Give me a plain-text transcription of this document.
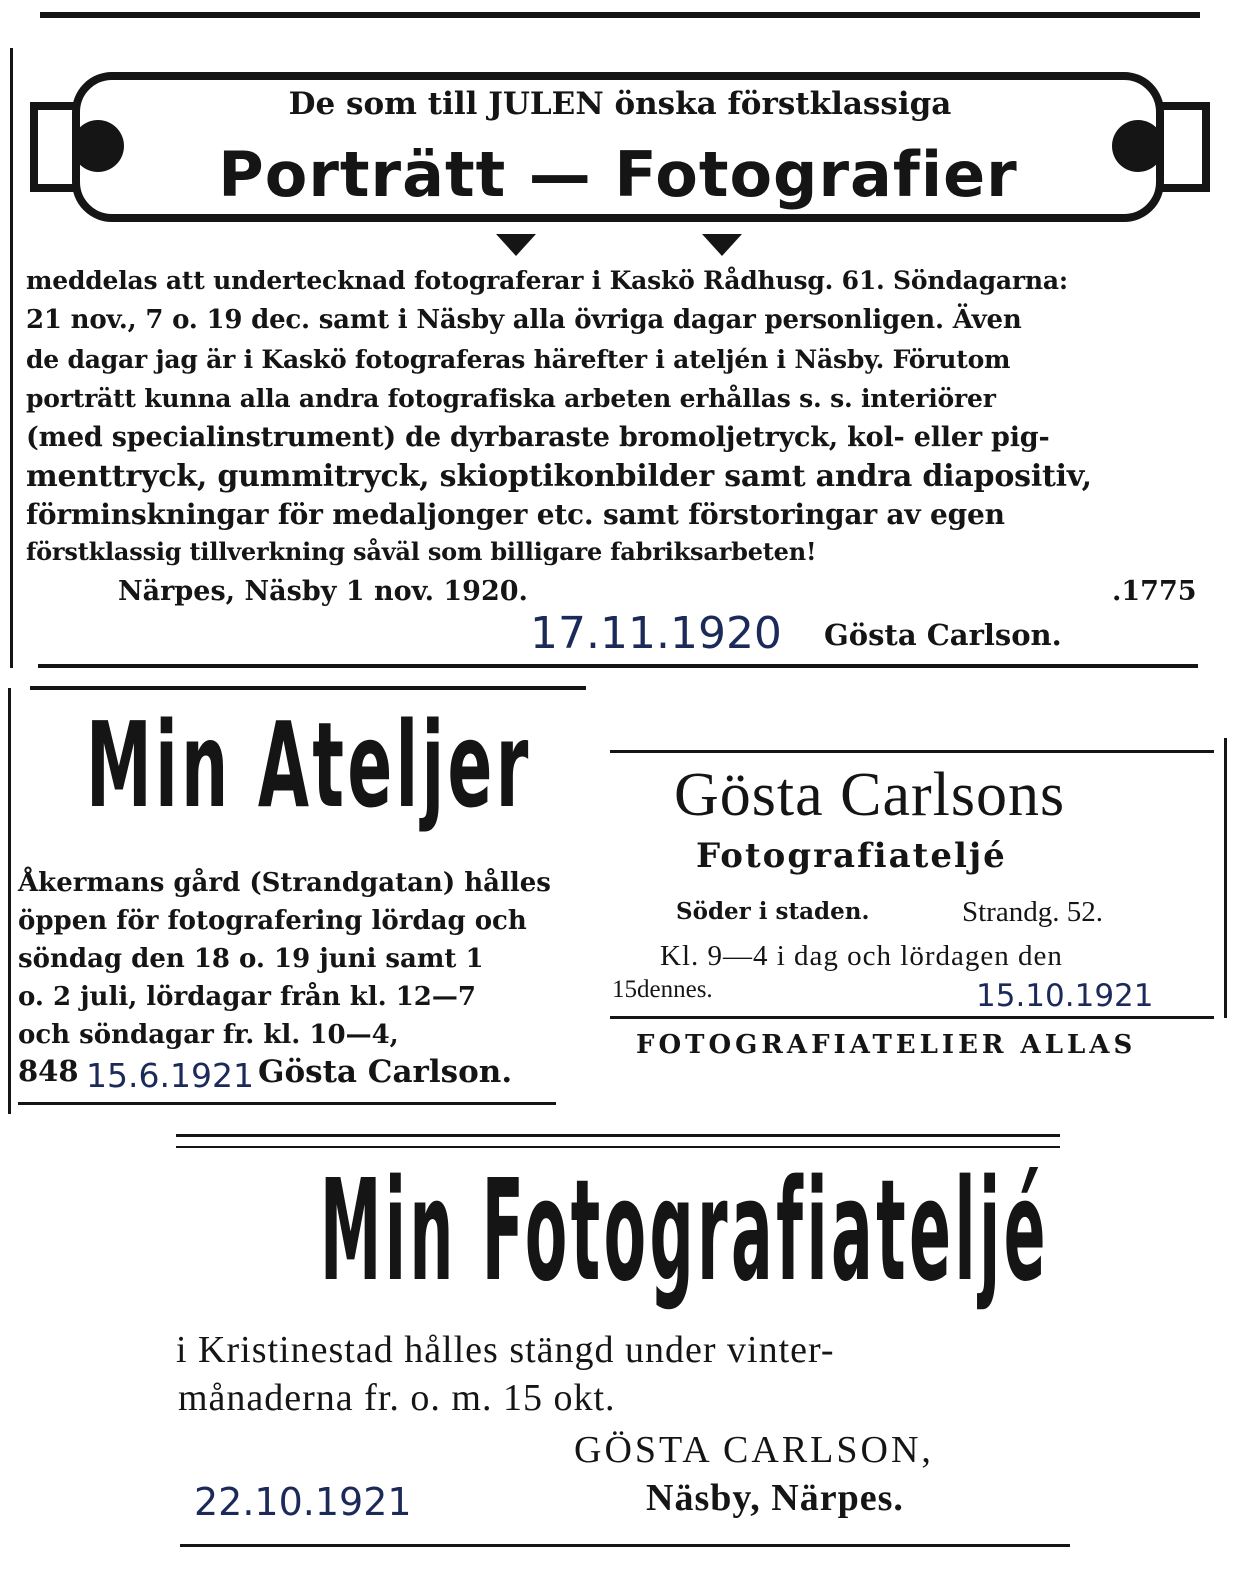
De som till JULEN önska förstklassiga
Porträtt — Fotografier
meddelas att undertecknad fotograferar i Kaskö Rådhusg. 61. Söndagarna:
21 nov., 7 o. 19 dec. samt i Näsby alla övriga dagar personligen. Även
de dagar jag är i Kaskö fotograferas härefter i ateljén i Näsby. Förutom
porträtt kunna alla andra fotografiska arbeten erhållas s. s. interiörer
(med specialinstrument) de dyrbaraste bromoljetryck, kol- eller pig-
menttryck, gummitryck, skioptikonbilder samt andra diapositiv,
förminskningar för medaljonger etc. samt förstoringar av egen
förstklassig tillverkning såväl som billigare fabriksarbeten!
Närpes, Näsby 1 nov. 1920.	.1775
17.11.1920 Gösta Carlson.
Min Ateljer
Åkermans gård (Strandgatan) hålles
öppen för fotografering lördag och
söndag den 18 o. 19 juni samt 1
o. 2 juli, lördagar från kl. 12—7
och söndagar fr. kl. 10—4,
848 15.6.1921 Gösta Carlson.
Gösta Carlsons
Fotografiateljé
Söder i staden.	Strandg. 52.
Kl. 9—4 i dag och lördagen den
15dennes.	15.10.1921
FOTOGRAFIATELIER ALLAS
Min Fotografiateljé
i Kristinestad hålles stängd under vinter-
månaderna fr. o. m. 15 okt.
GÖSTA CARLSON,
Näsby, Närpes.
22.10.1921
